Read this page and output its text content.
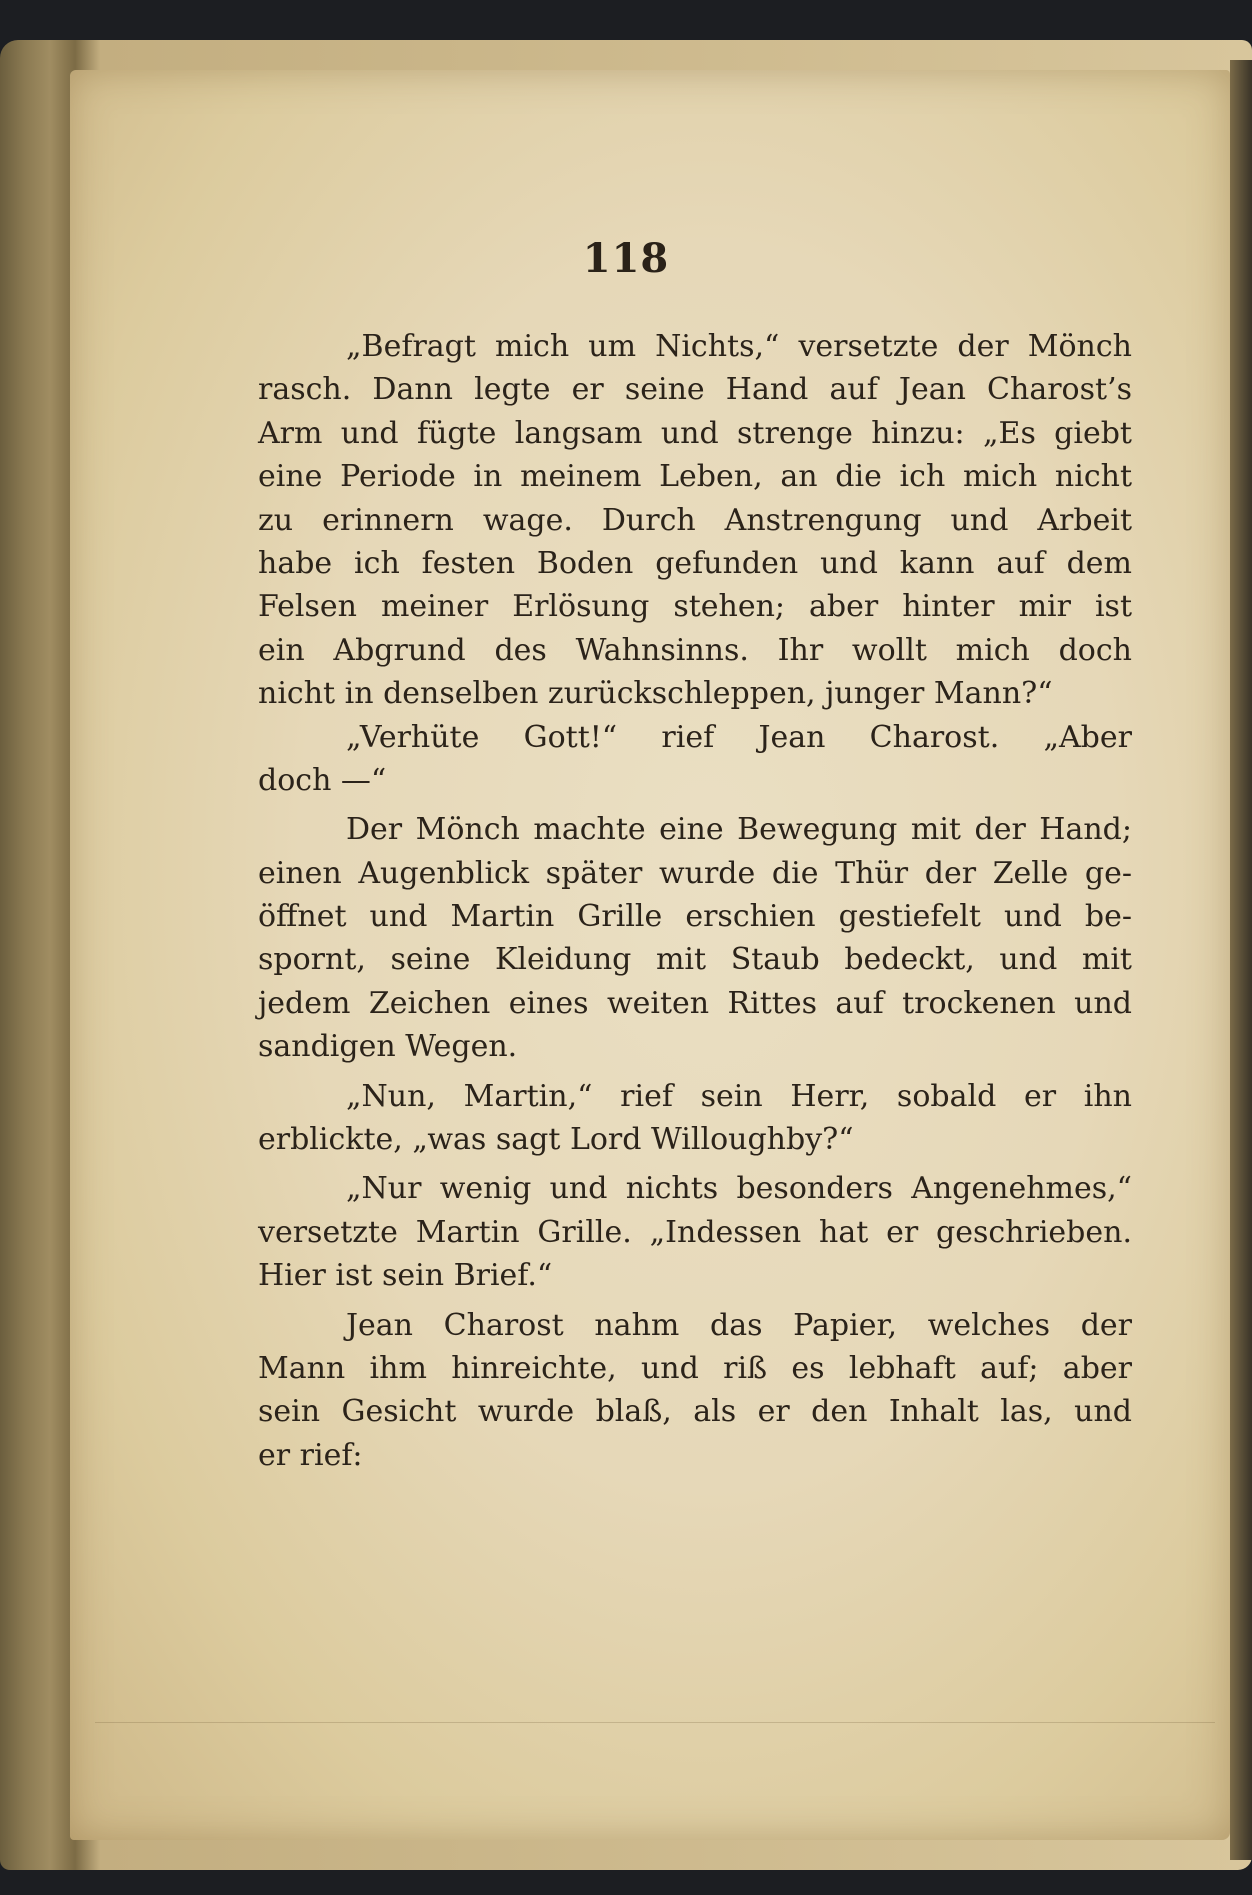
118
„Befragt mich um Nichts,“ versetzte der Mönch
rasch. Dann legte er seine Hand auf Jean Charost’s
Arm und fügte langsam und strenge hinzu: „Es giebt
eine Periode in meinem Leben, an die ich mich nicht
zu erinnern wage. Durch Anstrengung und Arbeit
habe ich festen Boden gefunden und kann auf dem
Felsen meiner Erlösung stehen; aber hinter mir ist
ein Abgrund des Wahnsinns. Ihr wollt mich doch
nicht in denselben zurückschleppen, junger Mann?“
„Verhüte Gott!“ rief Jean Charost. „Aber
doch —“
Der Mönch machte eine Bewegung mit der Hand;
einen Augenblick später wurde die Thür der Zelle ge-
öffnet und Martin Grille erschien gestiefelt und be-
spornt, seine Kleidung mit Staub bedeckt, und mit
jedem Zeichen eines weiten Rittes auf trockenen und
sandigen Wegen.
„Nun, Martin,“ rief sein Herr, sobald er ihn
erblickte, „was sagt Lord Willoughby?“
„Nur wenig und nichts besonders Angenehmes,“
versetzte Martin Grille. „Indessen hat er geschrieben.
Hier ist sein Brief.“
Jean Charost nahm das Papier, welches der
Mann ihm hinreichte, und riß es lebhaft auf; aber
sein Gesicht wurde blaß, als er den Inhalt las, und
er rief:
